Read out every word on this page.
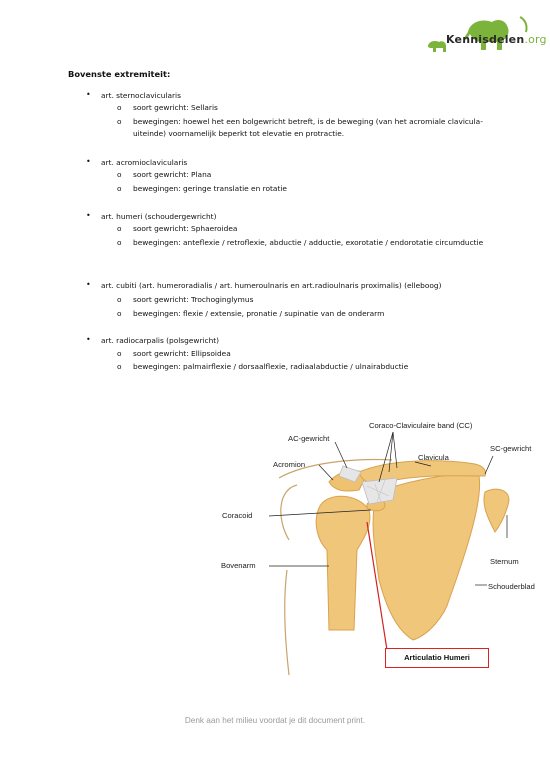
Kennisdelen.org
Bovenste extremiteit:
• art. sternoclavicularis
o soort gewricht: Sellaris
o bewegingen: hoewel het een bolgewricht betreft, is de beweging (van het acromiale clavicula-uiteinde) voornamelijk beperkt tot elevatie en protractie.
• art. acromioclavicularis
o soort gewricht: Plana
o bewegingen: geringe translatie en rotatie
• art. humeri (schoudergewricht)
o soort gewricht: Sphaeroidea
o bewegingen: anteflexie / retroflexie, abductie / adductie, exorotatie / endorotatie circumductie
• art. cubiti (art. humeroradialis / art. humeroulnaris en art.radioulnaris proximalis) (elleboog)
o soort gewricht: Trochoginglymus
o bewegingen: flexie / extensie, pronatie / supinatie van de onderarm
• art. radiocarpalis (polsgewricht)
o soort gewricht: Ellipsoidea
o bewegingen: palmairflexie / dorsaalflexie, radiaalabductie / ulnairabductie
Coraco-Claviculaire band (CC)
AC-gewricht
SC-gewricht
Clavicula
Acromion
Coracoid
Sternum
Bovenarm
Schouderblad
Articulatio Humeri
Denk aan het milieu voordat je dit document print.
